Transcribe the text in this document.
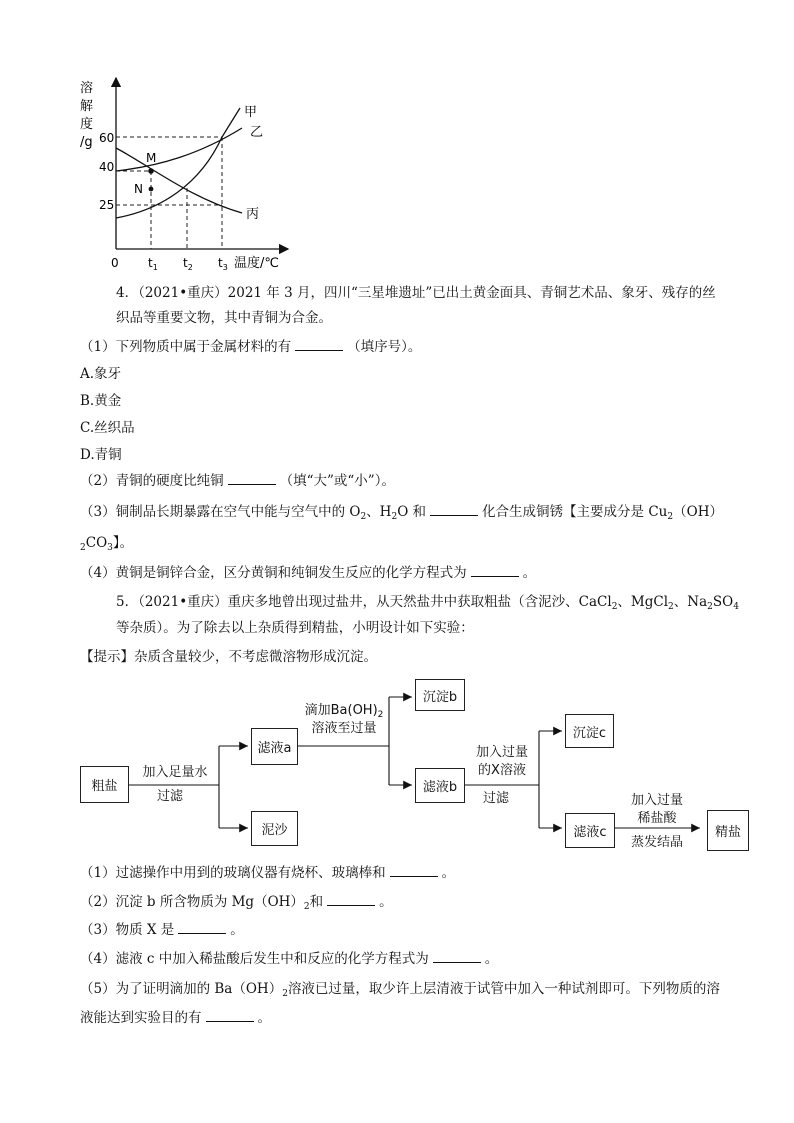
溶
解
度
/g 60
40
25
0 $t_1$ $t_2$ $t_3$ 温度/℃
甲
乙
丙
M
N
4．（2021•重庆）2021 年 3 月，四川“三星堆遗址”已出土黄金面具、青铜艺术品、象牙、残存的丝
织品等重要文物，其中青铜为合金。
（1）下列物质中属于金属材料的有	（填序号）。
A.象牙
B.黄金
C.丝织品
D.青铜
（2）青铜的硬度比纯铜	（填“大”或“小”）。
（3）铜制品长期暴露在空气中能与空气中的 $O_2$、$H_2O$ 和	化合生成铜锈【主要成分是 $Cu_2(OH)$
$_2CO_3$】。
（4）黄铜是铜锌合金，区分黄铜和纯铜发生反应的化学方程式为	。
5．（2021•重庆）重庆多地曾出现过盐井，从天然盐井中获取粗盐（含泥沙、CaCl$_2$、MgCl$_2$、$Na_2SO_4$
等杂质）。为了除去以上杂质得到精盐，小明设计如下实验：
【提示】杂质含量较少，不考虑微溶物形成沉淀。
粗盐
加入足量水
过滤
滤液a
泥沙
滴加$Ba(OH)_2$
溶液至过量
沉淀b
滤液b
加入过量
的X溶液
过滤
沉淀c
滤液c
加入过量
稀盐酸
蒸发结晶
精盐
（1）过滤操作中用到的玻璃仪器有烧杯、玻璃棒和	。
（2）沉淀 b 所含物质为 $Mg(OH)_2$和	。
（3）物质 X 是	。
（4）滤液 c 中加入稀盐酸后发生中和反应的化学方程式为	。
（5）为了证明滴加的 $Ba(OH)_2$溶液已过量，取少许上层清液于试管中加入一种试剂即可。下列物质的溶
液能达到实验目的有	。
